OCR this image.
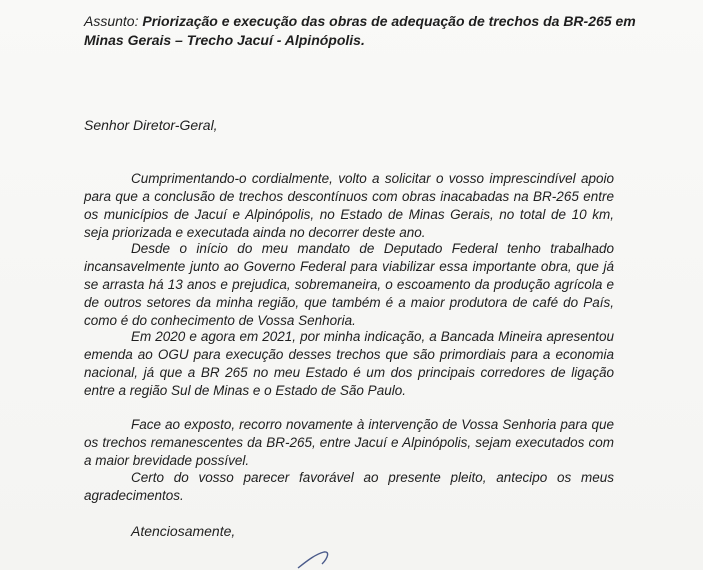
Assunto: Priorização e execução das obras de adequação de trechos da BR-265 em Minas Gerais – Trecho Jacuí - Alpinópolis.
Senhor Diretor-Geral,

Cumprimentando-o cordialmente, volto a solicitar o vosso imprescindível apoio para que a conclusão de trechos descontínuos com obras inacabadas na BR-265 entre os municípios de Jacuí e Alpinópolis, no Estado de Minas Gerais, no total de 10 km, seja priorizada e executada ainda no decorrer deste ano.

Desde o início do meu mandato de Deputado Federal tenho trabalhado incansavelmente junto ao Governo Federal para viabilizar essa importante obra, que já se arrasta há 13 anos e prejudica, sobremaneira, o escoamento da produção agrícola e de outros setores da minha região, que também é a maior produtora de café do País, como é do conhecimento de Vossa Senhoria.

Em 2020 e agora em 2021, por minha indicação, a Bancada Mineira apresentou emenda ao OGU para execução desses trechos que são primordiais para a economia nacional, já que a BR 265 no meu Estado é um dos principais corredores de ligação entre a região Sul de Minas e o Estado de São Paulo.

Face ao exposto, recorro novamente à intervenção de Vossa Senhoria para que os trechos remanescentes da BR-265, entre Jacuí e Alpinópolis, sejam executados com a maior brevidade possível.

Certo do vosso parecer favorável ao presente pleito, antecipo os meus agradecimentos.

Atenciosamente,
